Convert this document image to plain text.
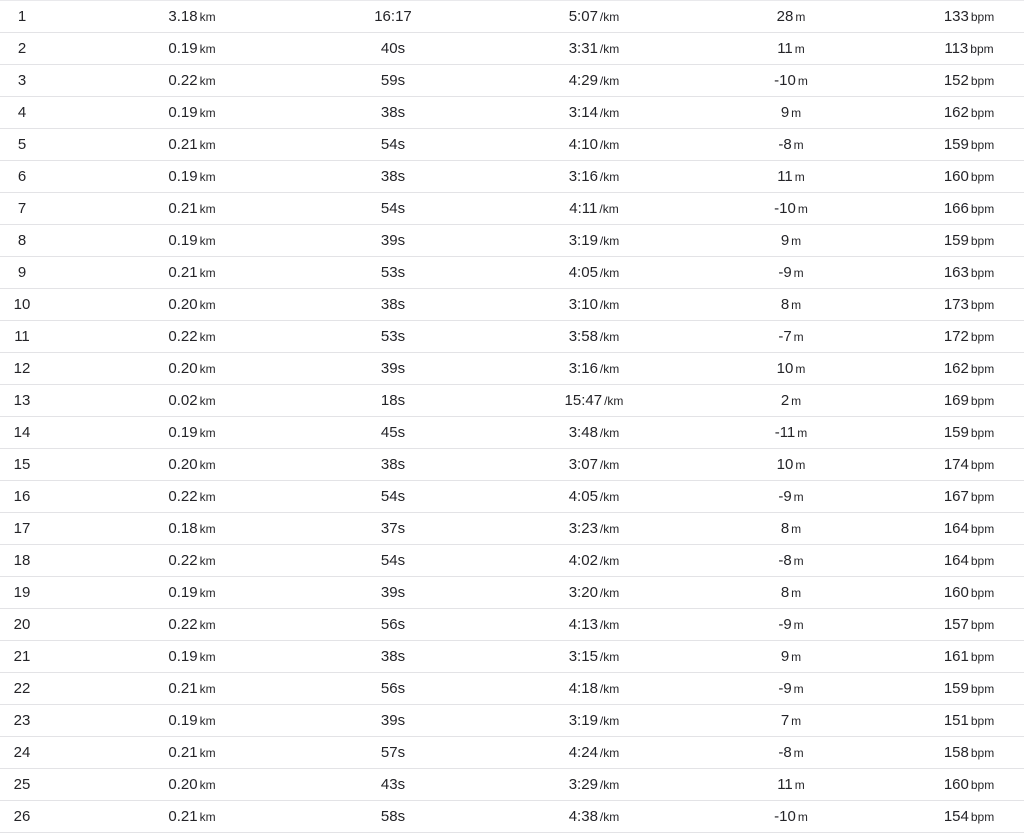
1	3.18 km	16:17	5:07 /km	28 m	133 bpm
2	0.19 km	40s	3:31 /km	11 m	113 bpm
3	0.22 km	59s	4:29 /km	-10 m	152 bpm
4	0.19 km	38s	3:14 /km	9 m	162 bpm
5	0.21 km	54s	4:10 /km	-8 m	159 bpm
6	0.19 km	38s	3:16 /km	11 m	160 bpm
7	0.21 km	54s	4:11 /km	-10 m	166 bpm
8	0.19 km	39s	3:19 /km	9 m	159 bpm
9	0.21 km	53s	4:05 /km	-9 m	163 bpm
10	0.20 km	38s	3:10 /km	8 m	173 bpm
11	0.22 km	53s	3:58 /km	-7 m	172 bpm
12	0.20 km	39s	3:16 /km	10 m	162 bpm
13	0.02 km	18s	15:47 /km	2 m	169 bpm
14	0.19 km	45s	3:48 /km	-11 m	159 bpm
15	0.20 km	38s	3:07 /km	10 m	174 bpm
16	0.22 km	54s	4:05 /km	-9 m	167 bpm
17	0.18 km	37s	3:23 /km	8 m	164 bpm
18	0.22 km	54s	4:02 /km	-8 m	164 bpm
19	0.19 km	39s	3:20 /km	8 m	160 bpm
20	0.22 km	56s	4:13 /km	-9 m	157 bpm
21	0.19 km	38s	3:15 /km	9 m	161 bpm
22	0.21 km	56s	4:18 /km	-9 m	159 bpm
23	0.19 km	39s	3:19 /km	7 m	151 bpm
24	0.21 km	57s	4:24 /km	-8 m	158 bpm
25	0.20 km	43s	3:29 /km	11 m	160 bpm
26	0.21 km	58s	4:38 /km	-10 m	154 bpm
